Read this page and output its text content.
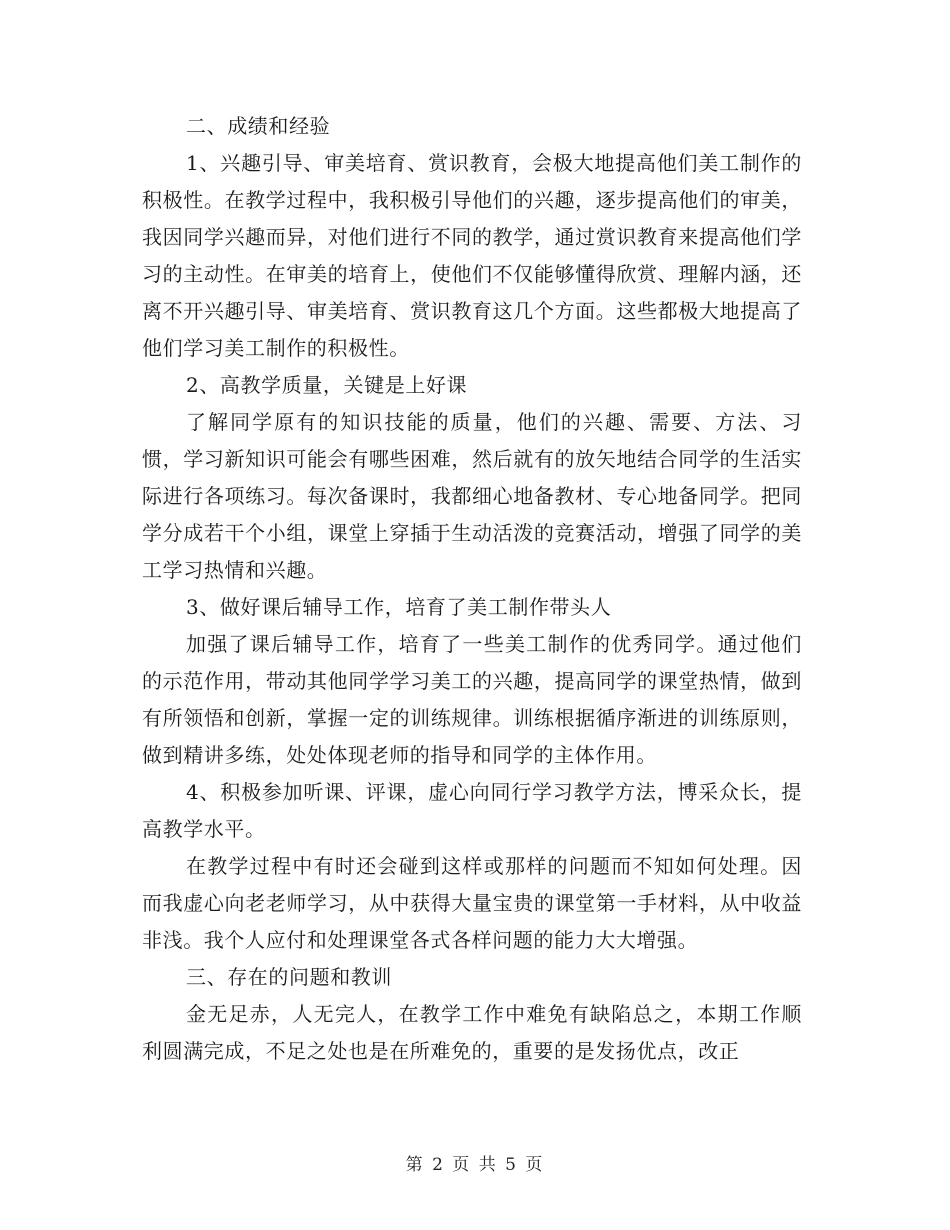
二、成绩和经验

1、兴趣引导、审美培育、赏识教育，会极大地提高他们美工制作的积极性。在教学过程中，我积极引导他们的兴趣，逐步提高他们的审美，我因同学兴趣而异，对他们进行不同的教学，通过赏识教育来提高他们学习的主动性。在审美的培育上，使他们不仅能够懂得欣赏、理解内涵，还离不开兴趣引导、审美培育、赏识教育这几个方面。这些都极大地提高了他们学习美工制作的积极性。

2、高教学质量，关键是上好课

了解同学原有的知识技能的质量，他们的兴趣、需要、方法、习惯，学习新知识可能会有哪些困难，然后就有的放矢地结合同学的生活实际进行各项练习。每次备课时，我都细心地备教材、专心地备同学。把同学分成若干个小组，课堂上穿插于生动活泼的竞赛活动，增强了同学的美工学习热情和兴趣。

3、做好课后辅导工作，培育了美工制作带头人

加强了课后辅导工作，培育了一些美工制作的优秀同学。通过他们的示范作用，带动其他同学学习美工的兴趣，提高同学的课堂热情，做到有所领悟和创新，掌握一定的训练规律。训练根据循序渐进的训练原则，做到精讲多练，处处体现老师的指导和同学的主体作用。

4、积极参加听课、评课，虚心向同行学习教学方法，博采众长，提高教学水平。

在教学过程中有时还会碰到这样或那样的问题而不知如何处理。因而我虚心向老老师学习，从中获得大量宝贵的课堂第一手材料，从中收益非浅。我个人应付和处理课堂各式各样问题的能力大大增强。

三、存在的问题和教训

金无足赤，人无完人，在教学工作中难免有缺陷总之，本期工作顺利圆满完成，不足之处也是在所难免的，重要的是发扬优点，改正

第 2 页 共 5 页
